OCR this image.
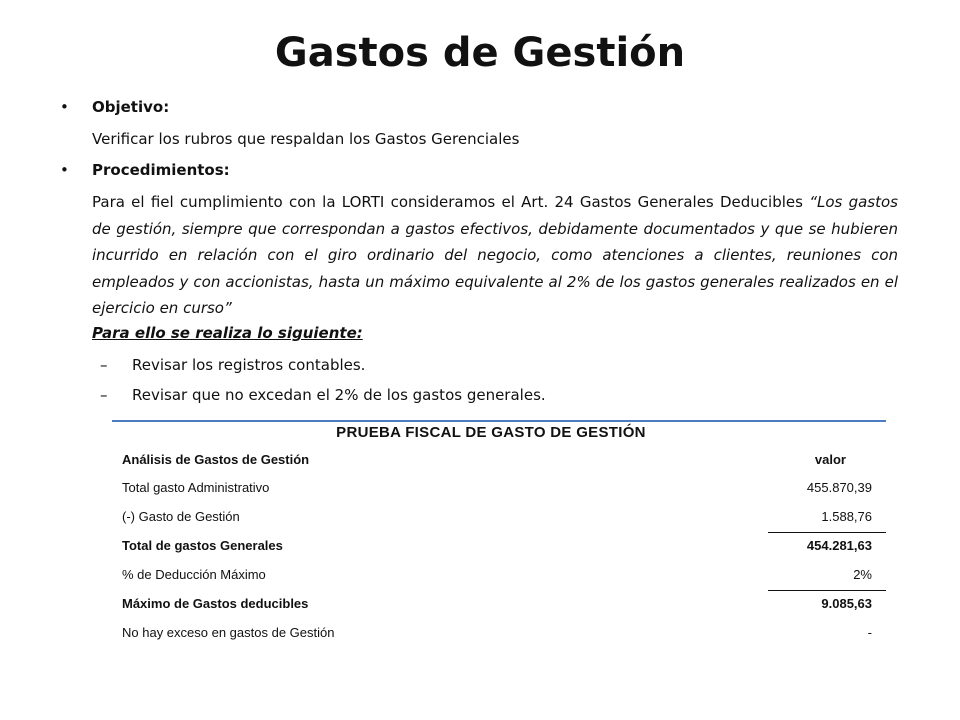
Gastos de Gestión
• Objetivo:
Verificar los rubros que respaldan los Gastos Gerenciales
• Procedimientos:
Para el fiel cumplimiento con la LORTI consideramos el Art. 24 Gastos Generales Deducibles “Los gastos de gestión, siempre que correspondan a gastos efectivos, debidamente documentados y que se hubieren incurrido en relación con el giro ordinario del negocio, como atenciones a clientes, reuniones con empleados y con accionistas, hasta un máximo equivalente al 2% de los gastos generales realizados en el ejercicio en curso”
Para ello se realiza lo siguiente:
– Revisar los registros contables.
– Revisar que no excedan el 2% de los gastos generales.
PRUEBA FISCAL DE GASTO DE GESTIÓN
Análisis de Gastos de Gestión	valor
Total gasto Administrativo	455.870,39
(-) Gasto de Gestión	1.588,76
Total de gastos Generales	454.281,63
% de Deducción Máximo	2%
Máximo de Gastos deducibles	9.085,63
No hay exceso en gastos de Gestión	-
